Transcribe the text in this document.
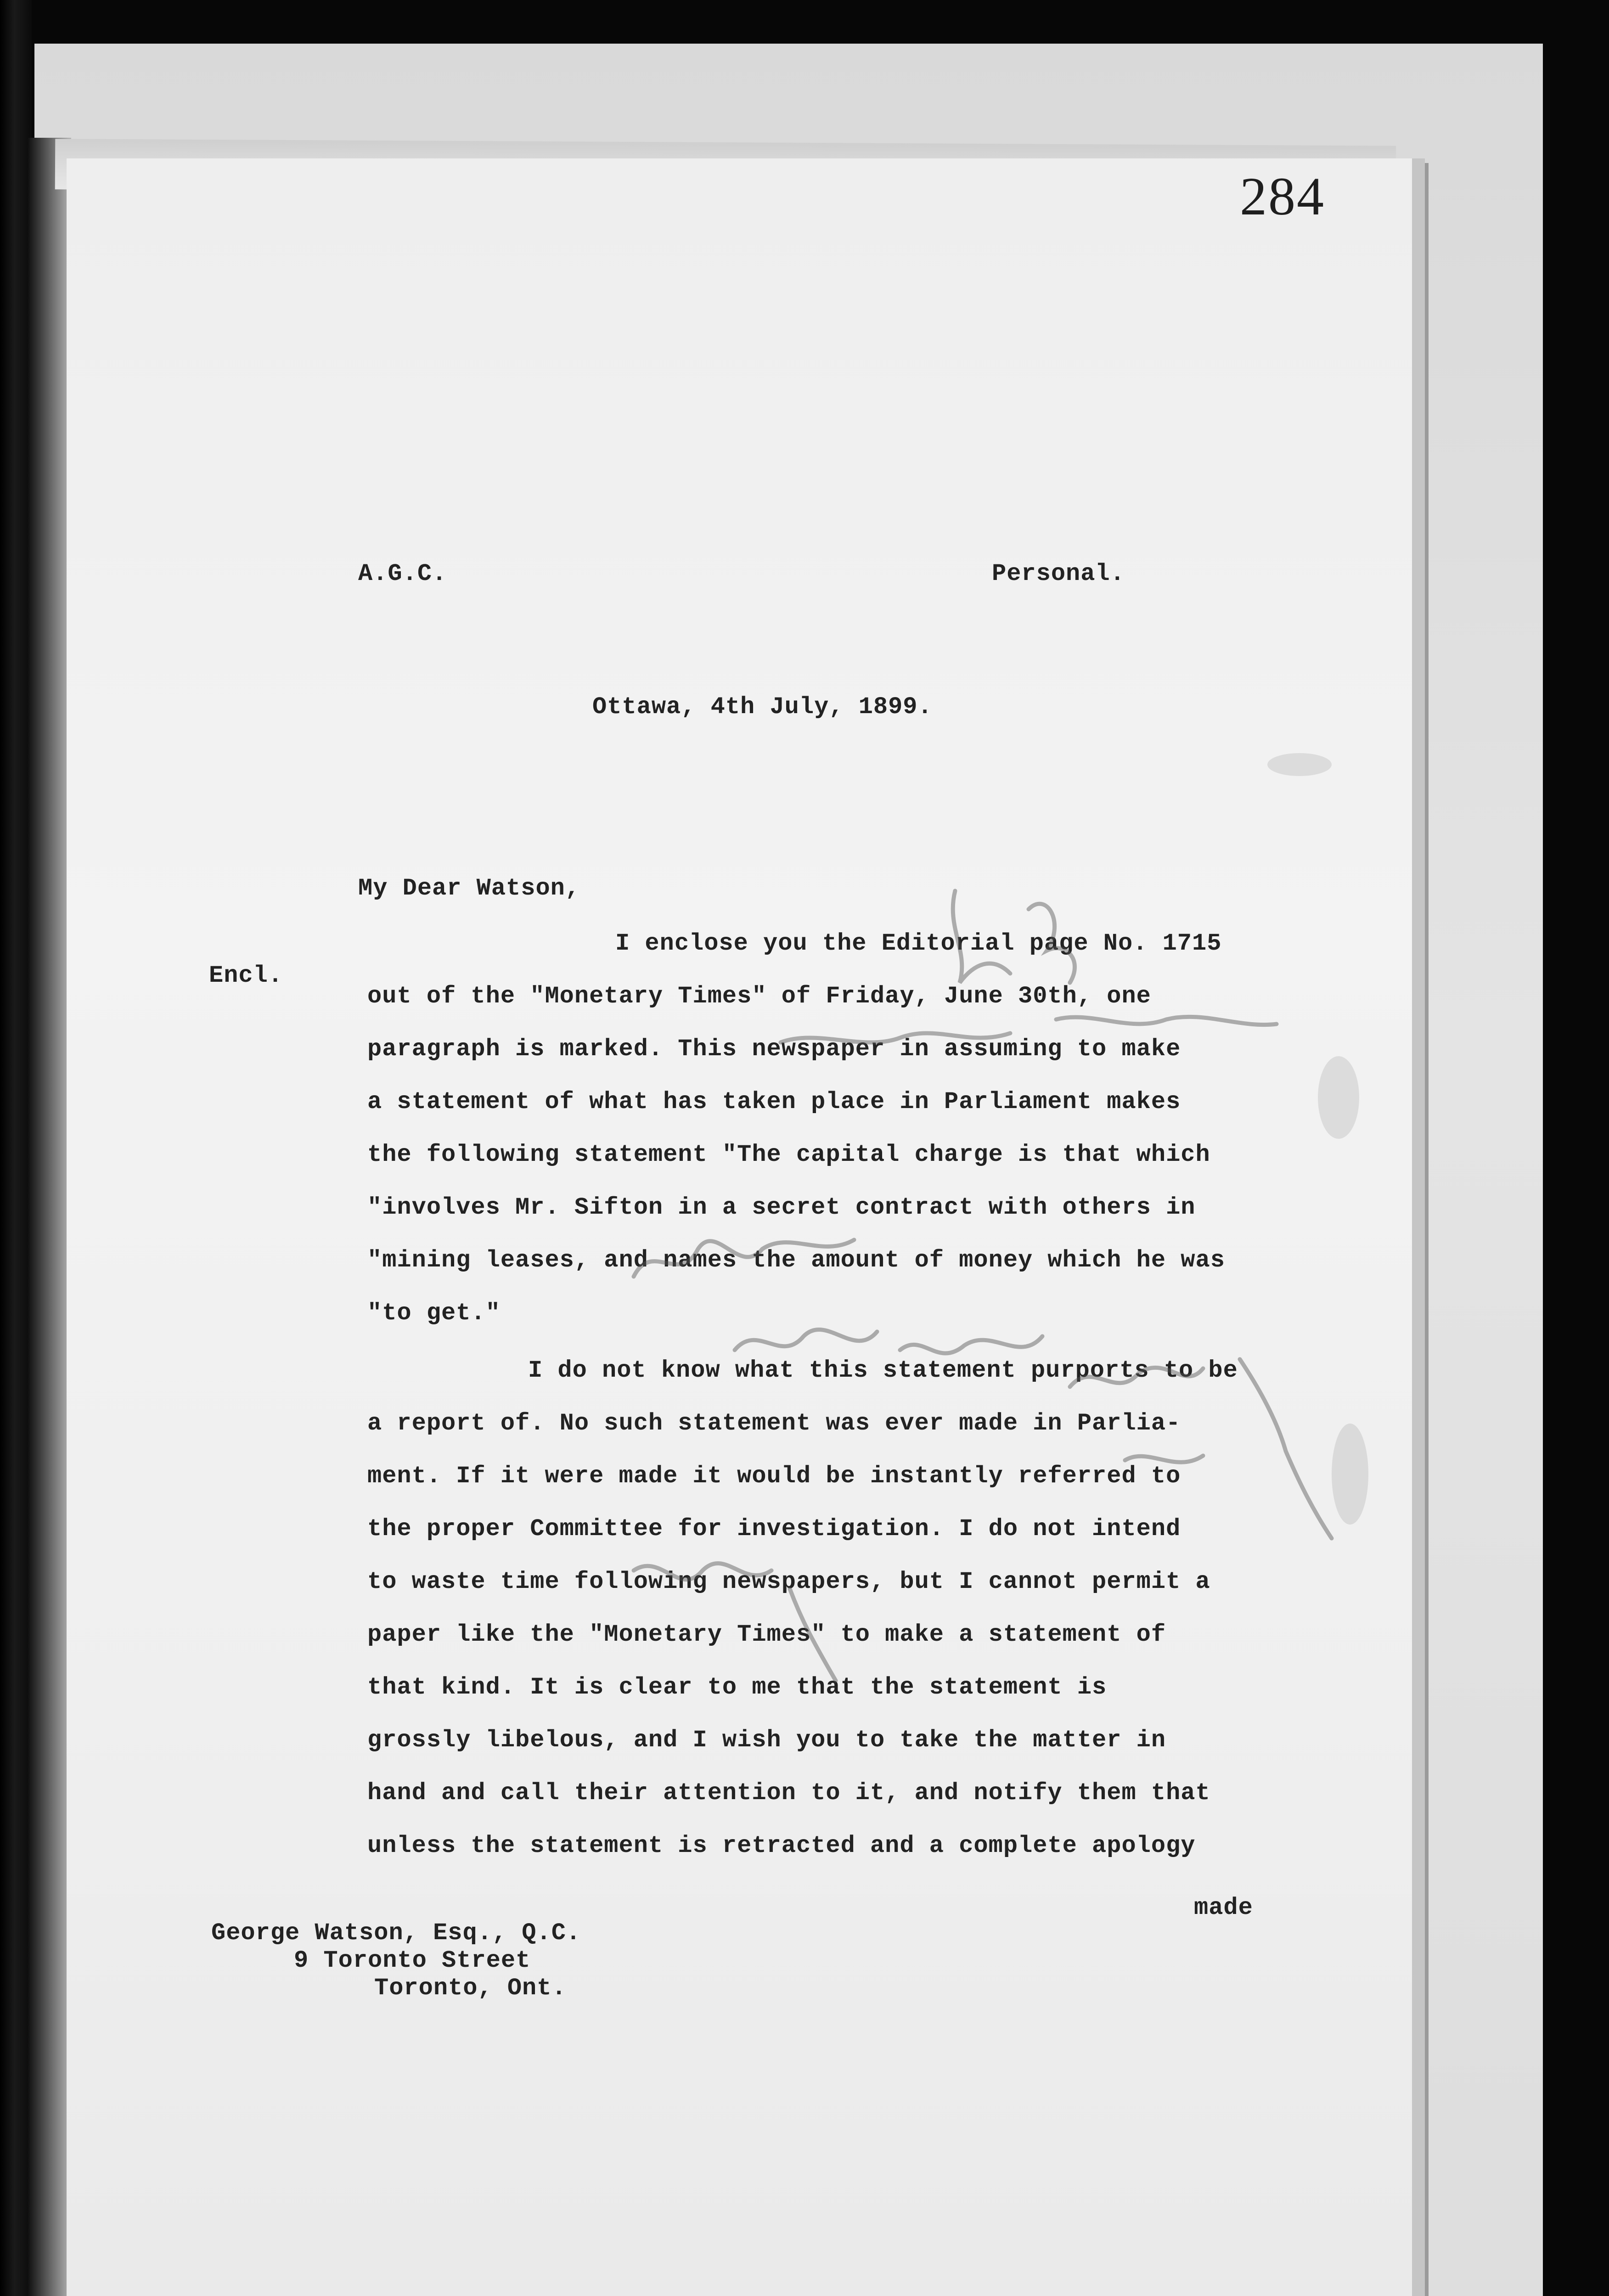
284
A.G.C.	Personal.
Ottawa, 4th July, 1899.
My Dear Watson,
Encl.
I enclose you the Editorial page No. 1715
out of the "Monetary Times" of Friday, June 30th, one
paragraph is marked. This newspaper in assuming to make
a statement of what has taken place in Parliament makes
the following statement "The capital charge is that which
"involves Mr. Sifton in a secret contract with others in
"mining leases, and names the amount of money which he was
"to get."
I do not know what this statement purports to be
a report of. No such statement was ever made in Parlia-
ment. If it were made it would be instantly referred to
the proper Committee for investigation. I do not intend
to waste time following newspapers, but I cannot permit a
paper like the "Monetary Times" to make a statement of
that kind. It is clear to me that the statement is
grossly libelous, and I wish you to take the matter in
hand and call their attention to it, and notify them that
unless the statement is retracted and a complete apology
made
George Watson, Esq., Q.C.
9 Toronto Street
Toronto, Ont.
